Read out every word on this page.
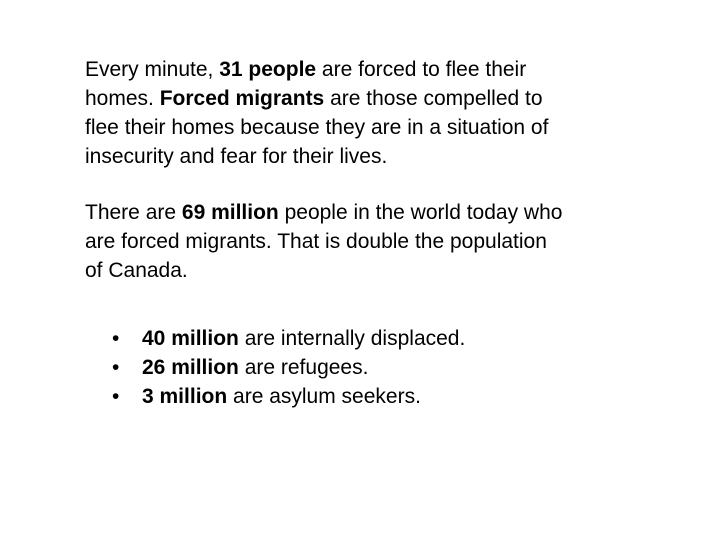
Every minute, 31 people are forced to flee their
homes. Forced migrants are those compelled to
flee their homes because they are in a situation of
insecurity and fear for their lives.

There are 69 million people in the world today who
are forced migrants. That is double the population
of Canada.

• 40 million are internally displaced.
• 26 million are refugees.
• 3 million are asylum seekers.
